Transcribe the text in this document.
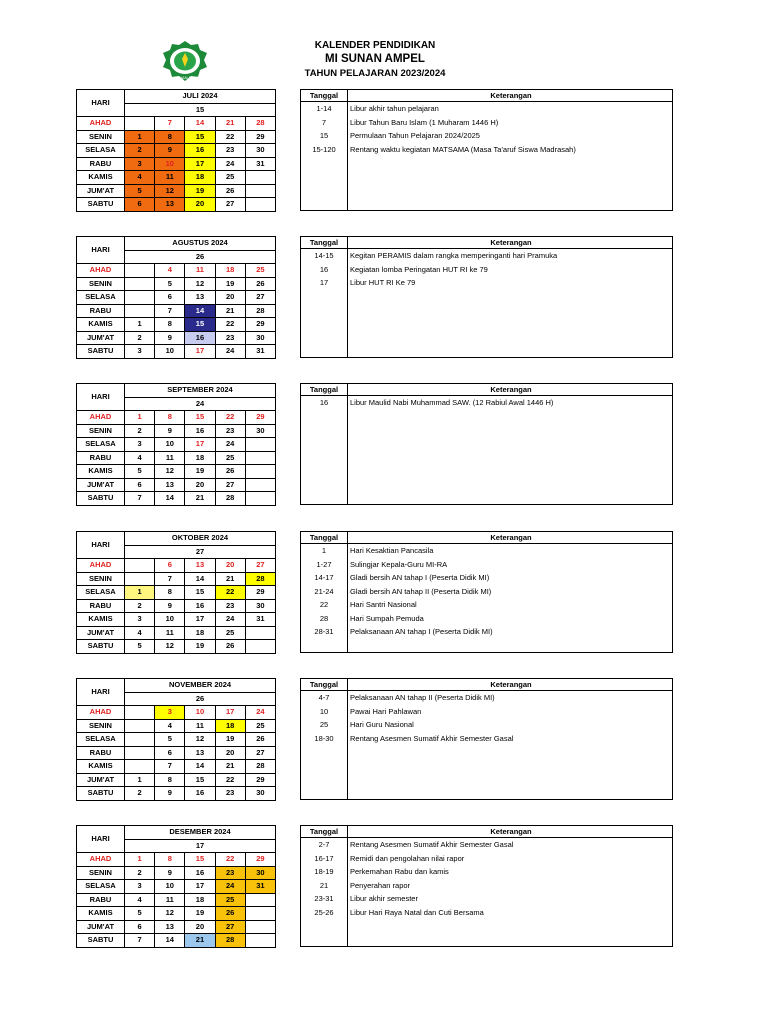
MI SUNAN AMPEL
KALENDER PENDIDIKAN
MI SUNAN AMPEL
TAHUN PELAJARAN 2023/2024
HARI	JULI 2024				
	15				
AHAD		7	14	21	28
SENIN	1	8	15	22	29
SELASA	2	9	16	23	30
RABU	3	10	17	24	31
KAMIS	4	11	18	25	
JUM'AT	5	12	19	26	
SABTU	6	13	20	27	
Tanggal	Keterangan
1-14	Libur akhir tahun pelajaran
7	Libur Tahun Baru Islam (1 Muharam 1446 H)
15	Permulaan Tahun Pelajaran 2024/2025
15-120	Rentang waktu kegiatan MATSAMA (Masa Ta'aruf Siswa Madrasah)

HARI	AGUSTUS 2024				
	26				
AHAD		4	11	18	25
SENIN		5	12	19	26
SELASA		6	13	20	27
RABU		7	14	21	28
KAMIS	1	8	15	22	29
JUM'AT	2	9	16	23	30
SABTU	3	10	17	24	31
Tanggal	Keterangan
14-15	Kegitan PERAMIS dalam rangka memperinganti hari Pramuka
16	Kegiatan lomba Peringatan HUT RI ke 79
17	Libur HUT RI Ke 79

HARI	SEPTEMBER 2024				
	24				
AHAD	1	8	15	22	29
SENIN	2	9	16	23	30
SELASA	3	10	17	24	
RABU	4	11	18	25	
KAMIS	5	12	19	26	
JUM'AT	6	13	20	27	
SABTU	7	14	21	28	
Tanggal	Keterangan
16	Libur Maulid Nabi Muhammad SAW. (12 Rabiul Awal 1446 H)

HARI	OKTOBER 2024				
	27				
AHAD		6	13	20	27
SENIN		7	14	21	28
SELASA	1	8	15	22	29
RABU	2	9	16	23	30
KAMIS	3	10	17	24	31
JUM'AT	4	11	18	25	
SABTU	5	12	19	26	
Tanggal	Keterangan
1	Hari Kesaktian Pancasila
1-27	Sulingjar Kepala-Guru MI-RA
14-17	Gladi bersih AN tahap I (Peserta Didik MI)
21-24	Gladi bersih AN tahap II (Peserta Didik MI)
22	Hari Santri Nasional
28	Hari Sumpah Pemuda
28-31	Pelaksanaan AN tahap I (Peserta Didik MI)

HARI	NOVEMBER 2024				
	26				
AHAD		3	10	17	24
SENIN		4	11	18	25
SELASA		5	12	19	26
RABU		6	13	20	27
KAMIS		7	14	21	28
JUM'AT	1	8	15	22	29
SABTU	2	9	16	23	30
Tanggal	Keterangan
4-7	Pelaksanaan AN tahap II (Peserta Didik MI)
10	Pawai Hari Pahlawan
25	Hari Guru Nasional
18-30	Rentang Asesmen Sumatif Akhir Semester Gasal

HARI	DESEMBER 2024				
	17				
AHAD	1	8	15	22	29
SENIN	2	9	16	23	30
SELASA	3	10	17	24	31
RABU	4	11	18	25	
KAMIS	5	12	19	26	
JUM'AT	6	13	20	27	
SABTU	7	14	21	28	
Tanggal	Keterangan
2-7	Rentang Asesmen Sumatif Akhir Semester Gasal
16-17	Remidi dan pengolahan nilai rapor
18-19	Perkemahan Rabu dan kamis
21	Penyerahan rapor
23-31	Libur akhir semester
25-26	Libur Hari Raya Natal dan Cuti Bersama
